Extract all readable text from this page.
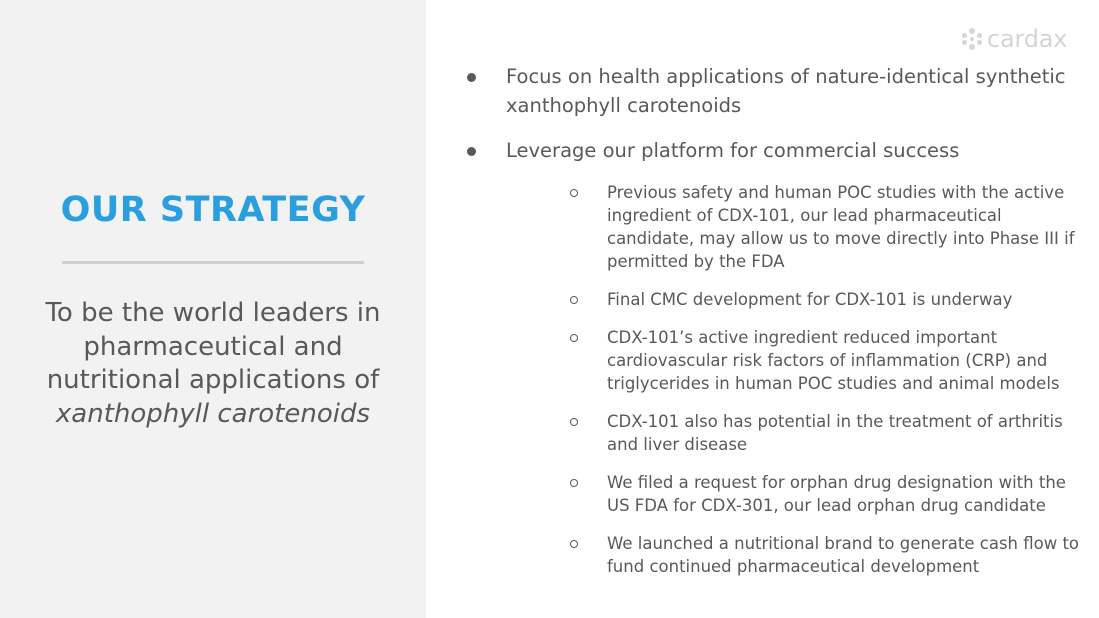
OUR STRATEGY
To be the world leaders in
pharmaceutical and
nutritional applications of
xanthophyll carotenoids
cardax
Focus on health applications of nature-identical synthetic xanthophyll carotenoids
Leverage our platform for commercial success
Previous safety and human POC studies with the active ingredient of CDX-101, our lead pharmaceutical candidate, may allow us to move directly into Phase III if permitted by the FDA
Final CMC development for CDX-101 is underway
CDX-101’s active ingredient reduced important cardiovascular risk factors of inflammation (CRP) and triglycerides in human POC studies and animal models
CDX-101 also has potential in the treatment of arthritis and liver disease
We filed a request for orphan drug designation with the US FDA for CDX-301, our lead orphan drug candidate
We launched a nutritional brand to generate cash flow to fund continued pharmaceutical development
